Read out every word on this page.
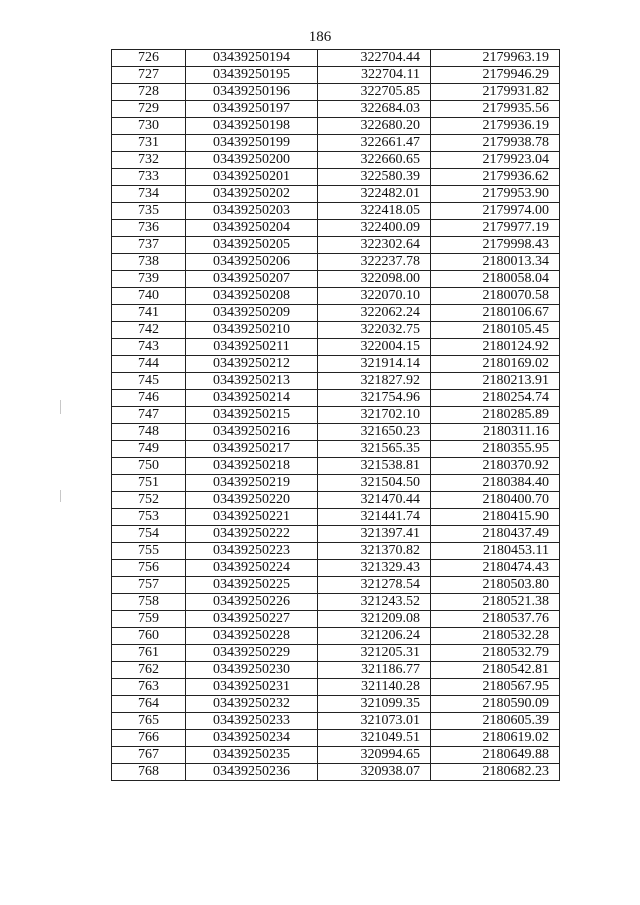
186
726	03439250194	322704.44	2179963.19
727	03439250195	322704.11	2179946.29
728	03439250196	322705.85	2179931.82
729	03439250197	322684.03	2179935.56
730	03439250198	322680.20	2179936.19
731	03439250199	322661.47	2179938.78
732	03439250200	322660.65	2179923.04
733	03439250201	322580.39	2179936.62
734	03439250202	322482.01	2179953.90
735	03439250203	322418.05	2179974.00
736	03439250204	322400.09	2179977.19
737	03439250205	322302.64	2179998.43
738	03439250206	322237.78	2180013.34
739	03439250207	322098.00	2180058.04
740	03439250208	322070.10	2180070.58
741	03439250209	322062.24	2180106.67
742	03439250210	322032.75	2180105.45
743	03439250211	322004.15	2180124.92
744	03439250212	321914.14	2180169.02
745	03439250213	321827.92	2180213.91
746	03439250214	321754.96	2180254.74
747	03439250215	321702.10	2180285.89
748	03439250216	321650.23	2180311.16
749	03439250217	321565.35	2180355.95
750	03439250218	321538.81	2180370.92
751	03439250219	321504.50	2180384.40
752	03439250220	321470.44	2180400.70
753	03439250221	321441.74	2180415.90
754	03439250222	321397.41	2180437.49
755	03439250223	321370.82	2180453.11
756	03439250224	321329.43	2180474.43
757	03439250225	321278.54	2180503.80
758	03439250226	321243.52	2180521.38
759	03439250227	321209.08	2180537.76
760	03439250228	321206.24	2180532.28
761	03439250229	321205.31	2180532.79
762	03439250230	321186.77	2180542.81
763	03439250231	321140.28	2180567.95
764	03439250232	321099.35	2180590.09
765	03439250233	321073.01	2180605.39
766	03439250234	321049.51	2180619.02
767	03439250235	320994.65	2180649.88
768	03439250236	320938.07	2180682.23
